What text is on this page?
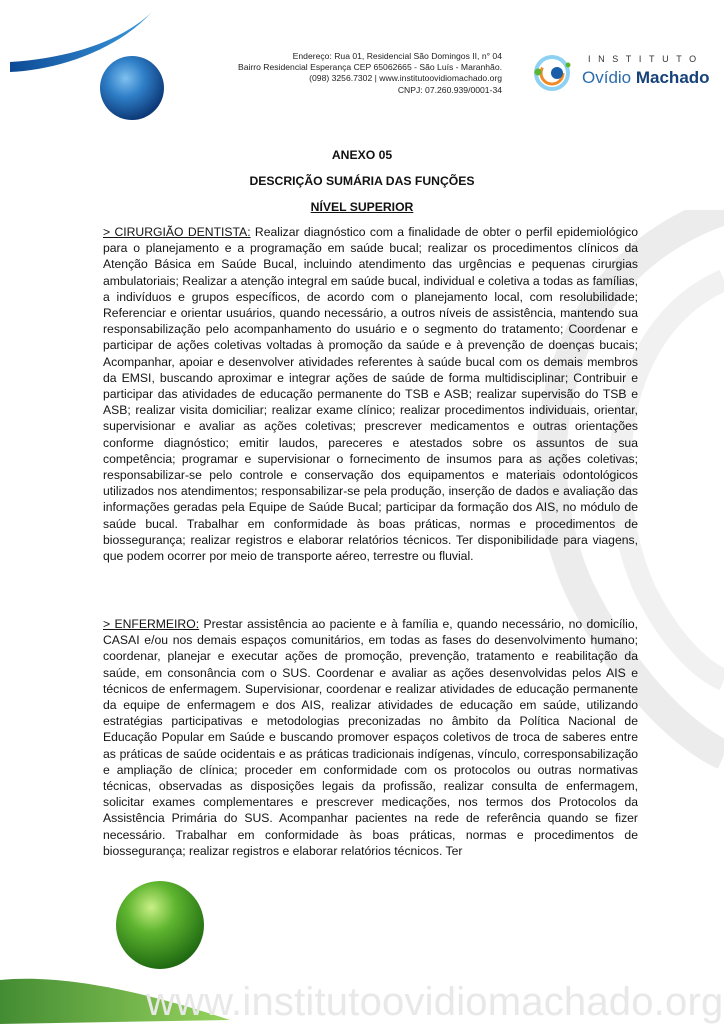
Endereço: Rua 01, Residencial São Domingos II, n° 04
Bairro Residencial Esperança CEP 65062665 - São Luís - Maranhão.
(098) 3256.7302 | www.institutoovidiomachado.org
CNPJ: 07.260.939/0001-34
INSTITUTO
Ovídio Machado
ANEXO 05
DESCRIÇÃO SUMÁRIA DAS FUNÇÕES
NÍVEL SUPERIOR
> CIRURGIÃO DENTISTA: Realizar diagnóstico com a finalidade de obter o perfil epidemiológico para o planejamento e a programação em saúde bucal; realizar os procedimentos clínicos da Atenção Básica em Saúde Bucal, incluindo atendimento das urgências e pequenas cirurgias ambulatoriais; Realizar a atenção integral em saúde bucal, individual e coletiva a todas as famílias, a indivíduos e grupos específicos, de acordo com o planejamento local, com resolubilidade; Referenciar e orientar usuários, quando necessário, a outros níveis de assistência, mantendo sua responsabilização pelo acompanhamento do usuário e o segmento do tratamento; Coordenar e participar de ações coletivas voltadas à promoção da saúde e à prevenção de doenças bucais; Acompanhar, apoiar e desenvolver atividades referentes à saúde bucal com os demais membros da EMSI, buscando aproximar e integrar ações de saúde de forma multidisciplinar; Contribuir e participar das atividades de educação permanente do TSB e ASB; realizar supervisão do TSB e ASB; realizar visita domiciliar; realizar exame clínico; realizar procedimentos individuais, orientar, supervisionar e avaliar as ações coletivas; prescrever medicamentos e outras orientações conforme diagnóstico; emitir laudos, pareceres e atestados sobre os assuntos de sua competência; programar e supervisionar o fornecimento de insumos para as ações coletivas; responsabilizar-se pelo controle e conservação dos equipamentos e materiais odontológicos utilizados nos atendimentos; responsabilizar-se pela produção, inserção de dados e avaliação das informações geradas pela Equipe de Saúde Bucal; participar da formação dos AIS, no módulo de saúde bucal. Trabalhar em conformidade às boas práticas, normas e procedimentos de biossegurança; realizar registros e elaborar relatórios técnicos. Ter disponibilidade para viagens, que podem ocorrer por meio de transporte aéreo, terrestre ou fluvial.
> ENFERMEIRO: Prestar assistência ao paciente e à família e, quando necessário, no domicílio, CASAI e/ou nos demais espaços comunitários, em todas as fases do desenvolvimento humano; coordenar, planejar e executar ações de promoção, prevenção, tratamento e reabilitação da saúde, em consonância com o SUS. Coordenar e avaliar as ações desenvolvidas pelos AIS e técnicos de enfermagem. Supervisionar, coordenar e realizar atividades de educação permanente da equipe de enfermagem e dos AIS, realizar atividades de educação em saúde, utilizando estratégias participativas e metodologias preconizadas no âmbito da Política Nacional de Educação Popular em Saúde e buscando promover espaços coletivos de troca de saberes entre as práticas de saúde ocidentais e as práticas tradicionais indígenas, vínculo, corresponsabilização e ampliação de clínica; proceder em conformidade com os protocolos ou outras normativas técnicas, observadas as disposições legais da profissão, realizar consulta de enfermagem, solicitar exames complementares e prescrever medicações, nos termos dos Protocolos da Assistência Primária do SUS. Acompanhar pacientes na rede de referência quando se fizer necessário. Trabalhar em conformidade às boas práticas, normas e procedimentos de biossegurança; realizar registros e elaborar relatórios técnicos. Ter
www.institutoovidiomachado.org
